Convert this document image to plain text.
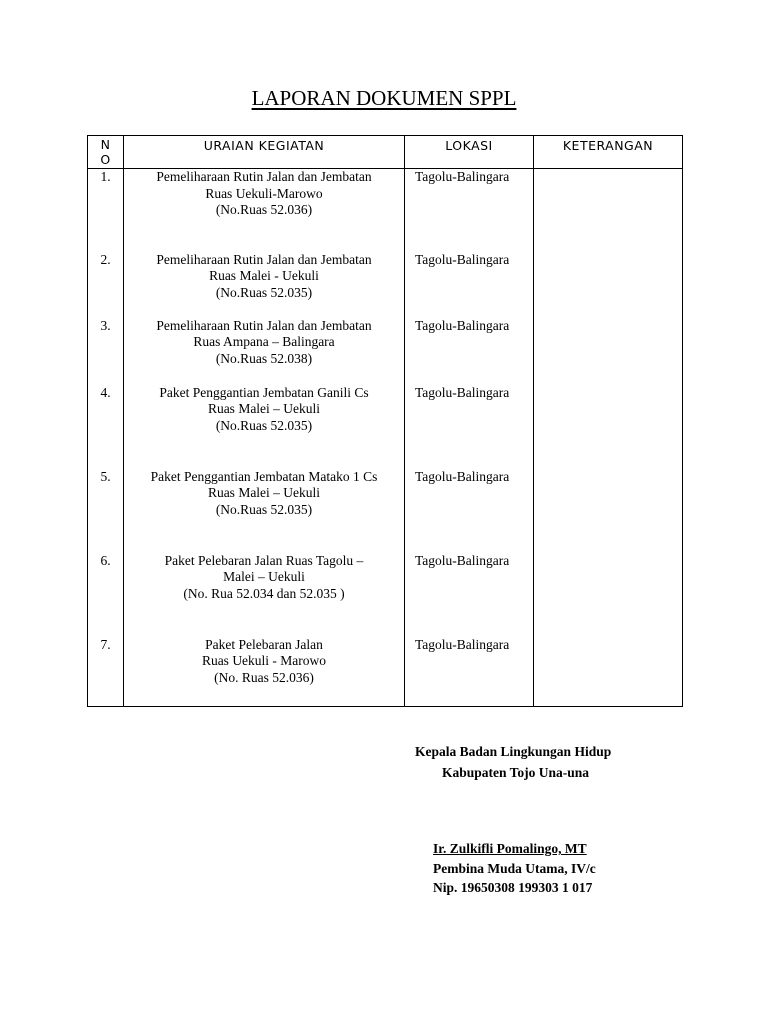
LAPORAN DOKUMEN SPPL
N
O	URAIAN KEGIATAN	LOKASI	KETERANGAN
1.	Pemeliharaan Rutin Jalan dan Jembatan
Ruas Uekuli-Marowo
(No.Ruas 52.036)	Tagolu-Balingara	
2.	Pemeliharaan Rutin Jalan dan Jembatan
Ruas Malei - Uekuli
(No.Ruas 52.035)	Tagolu-Balingara	
3.	Pemeliharaan Rutin Jalan dan Jembatan
Ruas Ampana – Balingara
(No.Ruas 52.038)	Tagolu-Balingara	
4.	Paket Penggantian Jembatan Ganili Cs
Ruas Malei – Uekuli
(No.Ruas 52.035)	Tagolu-Balingara	
5.	Paket Penggantian Jembatan Matako 1 Cs
Ruas Malei – Uekuli
(No.Ruas 52.035)	Tagolu-Balingara	
6.	Paket Pelebaran Jalan Ruas Tagolu –
Malei – Uekuli
(No. Rua 52.034 dan 52.035 )	Tagolu-Balingara	
7.	Paket Pelebaran Jalan
Ruas Uekuli - Marowo
(No. Ruas 52.036)	Tagolu-Balingara	
Kepala Badan Lingkungan Hidup
Kabupaten Tojo Una-una
Ir. Zulkifli Pomalingo, MT
Pembina Muda Utama, IV/c
Nip. 19650308 199303 1 017
